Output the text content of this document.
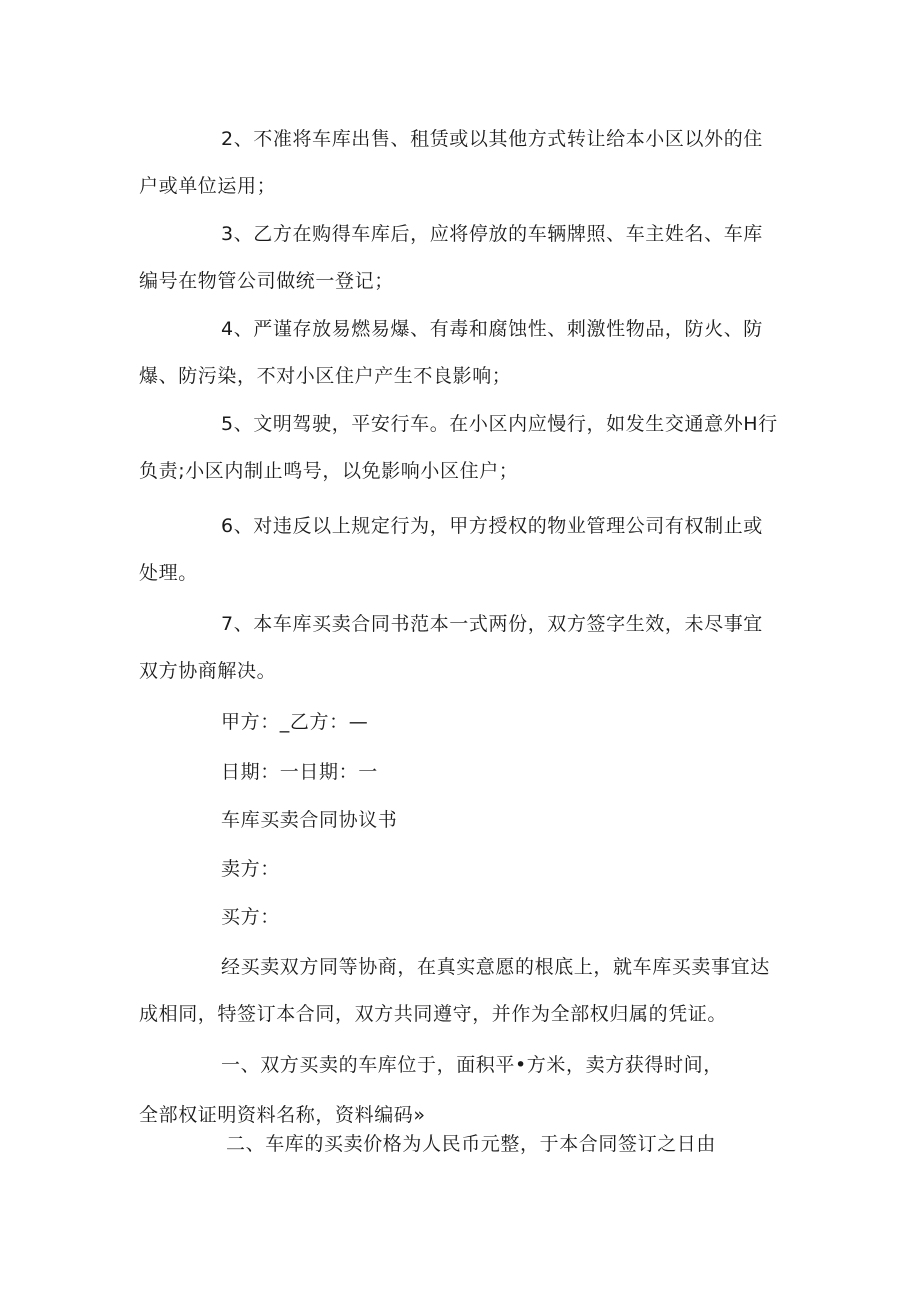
2、不准将车库出售、租赁或以其他方式转让给本小区以外的住
户或单位运用；
3、乙方在购得车库后，应将停放的车辆牌照、车主姓名、车库
编号在物管公司做统一登记；
4、严谨存放易燃易爆、有毒和腐蚀性、刺激性物品，防火、防
爆、防污染，不对小区住户产生不良影响；
5、文明驾驶，平安行车。在小区内应慢行，如发生交通意外H行
负责;小区内制止鸣号，以免影响小区住户；
6、对违反以上规定行为，甲方授权的物业管理公司有权制止或
处理。
7、本车库买卖合同书范本一式两份，双方签字生效，未尽事宜
双方协商解决。
甲方：_乙方：—
日期：一日期：一
车库买卖合同协议书
卖方：
买方：
经买卖双方同等协商，在真实意愿的根底上，就车库买卖事宜达
成相同，特签订本合同，双方共同遵守，并作为全部权归属的凭证。
一、双方买卖的车库位于，面积平•方米，卖方获得时间，
全部权证明资料名称，资料编码»
二、车库的买卖价格为人民币元整，于本合同签订之日由
